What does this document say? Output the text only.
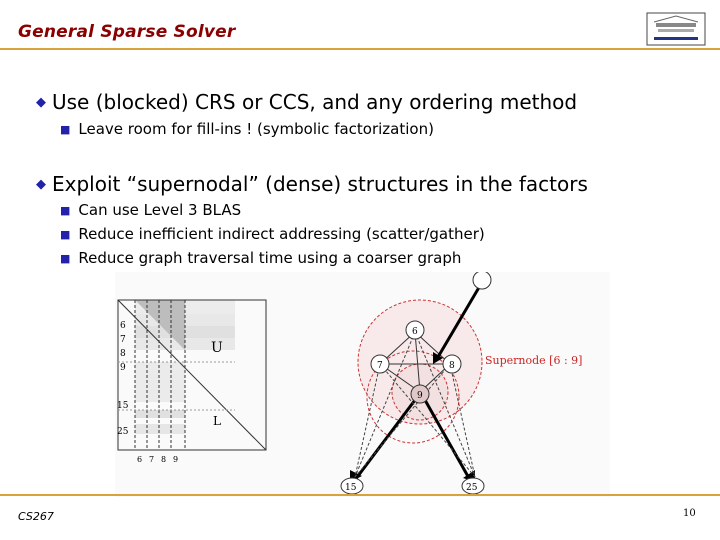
General Sparse Solver
◆ Use (blocked) CRS or CCS, and any ordering method
■ Leave room for fill-ins ! (symbolic factorization)
◆ Exploit “supernodal” (dense) structures in the factors
■ Can use Level 3 BLAS
■ Reduce inefficient indirect addressing (scatter/gather)
■ Reduce graph traversal time using a coarser graph
6
7
8
9
15
25
6 7 8 9
U
L
6
7	8
9
15	25
Supernode [6 : 9]
CS267	10
